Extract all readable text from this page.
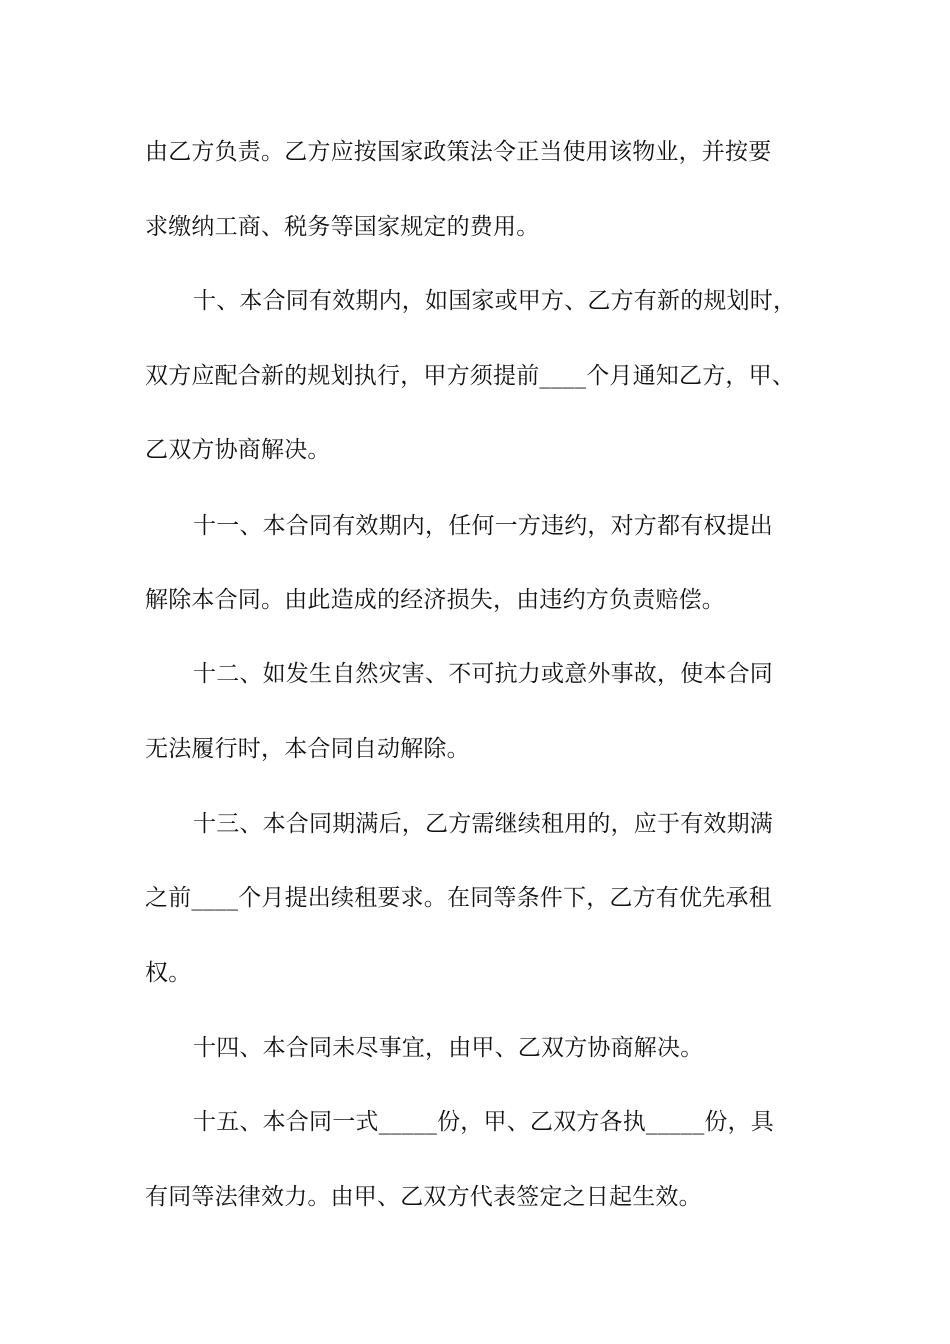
由乙方负责。乙方应按国家政策法令正当使用该物业，并按要
求缴纳工商、税务等国家规定的费用。
十、本合同有效期内，如国家或甲方、乙方有新的规划时，
双方应配合新的规划执行，甲方须提前____个月通知乙方，甲、
乙双方协商解决。
十一、本合同有效期内，任何一方违约，对方都有权提出
解除本合同。由此造成的经济损失，由违约方负责赔偿。
十二、如发生自然灾害、不可抗力或意外事故，使本合同
无法履行时，本合同自动解除。
十三、本合同期满后，乙方需继续租用的，应于有效期满
之前____个月提出续租要求。在同等条件下，乙方有优先承租
权。
十四、本合同未尽事宜，由甲、乙双方协商解决。
十五、本合同一式_____份，甲、乙双方各执_____份，具
有同等法律效力。由甲、乙双方代表签定之日起生效。
